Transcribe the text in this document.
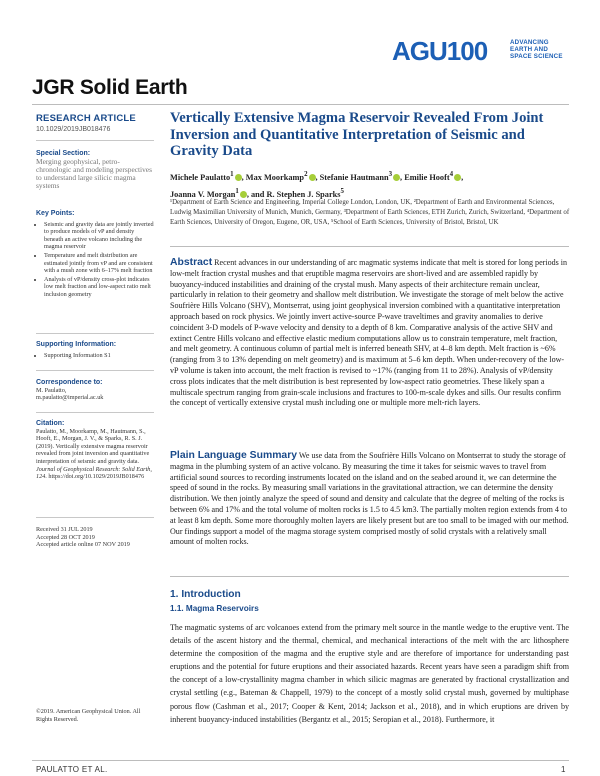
AGU100	ADVANCING
EARTH AND
SPACE SCIENCE
JGR Solid Earth
RESEARCH ARTICLE
10.1029/2019JB018476
Special Section:
Merging geophysical, petro-chronologic and modeling perspectives to understand large silicic magma systems
Key Points:
• Seismic and gravity data are jointly inverted to produce models of vP and density beneath an active volcano including the magma reservoir
• Temperature and melt distribution are estimated jointly from vP and are consistent with a mush zone with 6–17% melt fraction
• Analysis of vP/density cross-plot indicates low melt fraction and low-aspect ratio melt inclusion geometry
Supporting Information:
• Supporting Information S1
Correspondence to:
M. Paulatto,
m.paulatto@imperial.ac.uk
Citation:
Paulatto, M., Moorkamp, M., Hautmann, S., Hooft, E., Morgan, J. V., & Sparks, R. S. J. (2019). Vertically extensive magma reservoir revealed from joint inversion and quantitative interpretation of seismic and gravity data. Journal of Geophysical Research: Solid Earth, 124. https://doi.org/10.1029/2019JB018476
Received 31 JUL 2019
Accepted 28 OCT 2019
Accepted article online 07 NOV 2019
©2019. American Geophysical Union. All Rights Reserved.
Vertically Extensive Magma Reservoir Revealed From Joint Inversion and Quantitative Interpretation of Seismic and Gravity Data
Michele Paulatto$^1$ , Max Moorkamp$^2$ , Stefanie Hautmann$^3$ , Emilie Hooft$^4$ ,
Joanna V. Morgan$^1$ , and R. Stephen J. Sparks$^5$
¹Department of Earth Science and Engineering, Imperial College London, London, UK, ²Department of Earth and Environmental Sciences, Ludwig Maximilian University of Munich, Munich, Germany, ³Department of Earth Sciences, ETH Zurich, Zurich, Switzerland, ⁴Department of Earth Sciences, University of Oregon, Eugene, OR, USA, ⁵School of Earth Sciences, University of Bristol, Bristol, UK
Abstract Recent advances in our understanding of arc magmatic systems indicate that melt is stored for long periods in low-melt fraction crystal mushes and that eruptible magma reservoirs are short-lived and are assembled rapidly by buoyancy-induced instabilities and draining of the crystal mush. Many aspects of their architecture remain unclear, particularly in relation to their geometry and shallow melt distribution. We investigate the storage of melt below the active Soufrière Hills Volcano (SHV), Montserrat, using joint geophysical inversion combined with a quantitative interpretation approach based on rock physics. We jointly invert active-source P-wave traveltimes and gravity anomalies to derive coincident 3-D models of P-wave velocity and density to a depth of 8 km. Comparative analysis of the active SHV and extinct Centre Hills volcano and effective elastic medium computations allow us to constrain temperature, melt fraction, and melt geometry. A continuous column of partial melt is inferred beneath SHV, at 4–8 km depth. Melt fraction is ~6% (ranging from 3 to 13% depending on melt geometry) and is maximum at 5–6 km depth. When under-recovery of the low-vP volume is taken into account, the melt fraction is revised to ~17% (ranging from 11 to 28%). Analysis of vP/density cross plots indicates that the melt distribution is best represented by low-aspect ratio geometries. These likely span a multiscale spectrum ranging from grain-scale inclusions and fractures to 100-m-scale dykes and sills. Our results confirm the concept of vertically extensive crystal mush including one or multiple more melt-rich layers.
Plain Language Summary We use data from the Soufrière Hills Volcano on Montserrat to study the storage of magma in the plumbing system of an active volcano. By measuring the time it takes for seismic waves to travel from artificial sound sources to recording instruments located on the island and on the seabed around it, we can determine the speed of sound in the rocks. By measuring small variations in the gravitational attraction, we can determine the density distribution. We then jointly analyze the speed of sound and density and calculate that the degree of melting of the rocks is between 6% and 17% and the total volume of molten rocks is 1.5 to 4.5 km3. The partially molten region extends from 4 to at least 8 km depth. Some more thoroughly molten layers are likely present but are too small to be imaged with our method. Our findings support a model of the magma storage system comprised mostly of solid crystals with a relatively small amount of molten rocks.
1. Introduction
1.1. Magma Reservoirs
The magmatic systems of arc volcanoes extend from the primary melt source in the mantle wedge to the eruptive vent. The details of the ascent history and the thermal, chemical, and mechanical interactions of the melt with the arc lithosphere determine the composition of the magma and the eruptive style and are therefore of importance for understanding past eruptions and the potential for future eruptions and their associated hazards. Recent years have seen a paradigm shift from the concept of a low-crystallinity magma chamber in which silicic magmas are generated by fractional crystallization and crystal settling (e.g., Bateman & Chappell, 1979) to the concept of a mostly solid crystal mush, governed by multiphase porous flow (Cashman et al., 2017; Cooper & Kent, 2014; Jackson et al., 2018), and in which eruptions are driven by inherent buoyancy-induced instabilities (Bergantz et al., 2015; Seropian et al., 2018). Furthermore, it
PAULATTO ET AL.	1
